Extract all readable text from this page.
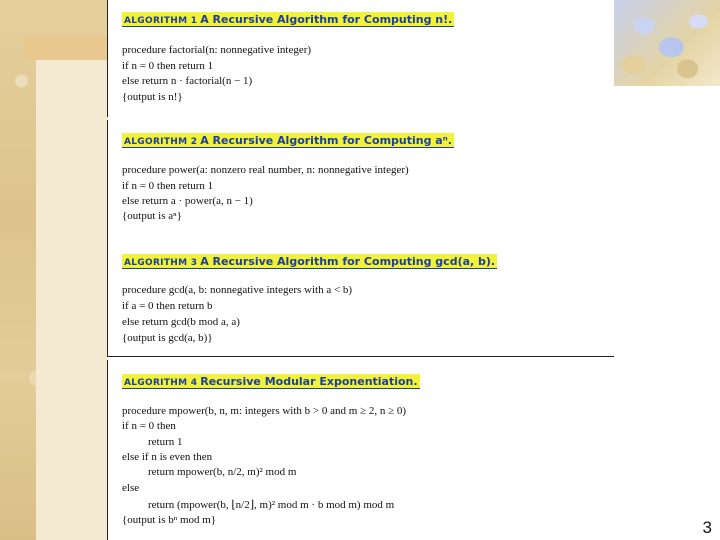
ALGORITHM 1 A Recursive Algorithm for Computing n!.
procedure factorial(n: nonnegative integer)
if n = 0 then return 1
else return n · factorial(n − 1)
{output is n!}
ALGORITHM 2 A Recursive Algorithm for Computing aⁿ.
procedure power(a: nonzero real number, n: nonnegative integer)
if n = 0 then return 1
else return a · power(a, n − 1)
{output is aⁿ}
ALGORITHM 3 A Recursive Algorithm for Computing gcd(a, b).
procedure gcd(a, b: nonnegative integers with a < b)
if a = 0 then return b
else return gcd(b mod a, a)
{output is gcd(a, b)}
ALGORITHM 4 Recursive Modular Exponentiation.
procedure mpower(b, n, m: integers with b > 0 and m ≥ 2, n ≥ 0)
if n = 0 then
return 1
else if n is even then
return mpower(b, n/2, m)² mod m
else
return (mpower(b, ⌊n/2⌋, m)² mod m · b mod m) mod m
{output is bⁿ mod m}	3
